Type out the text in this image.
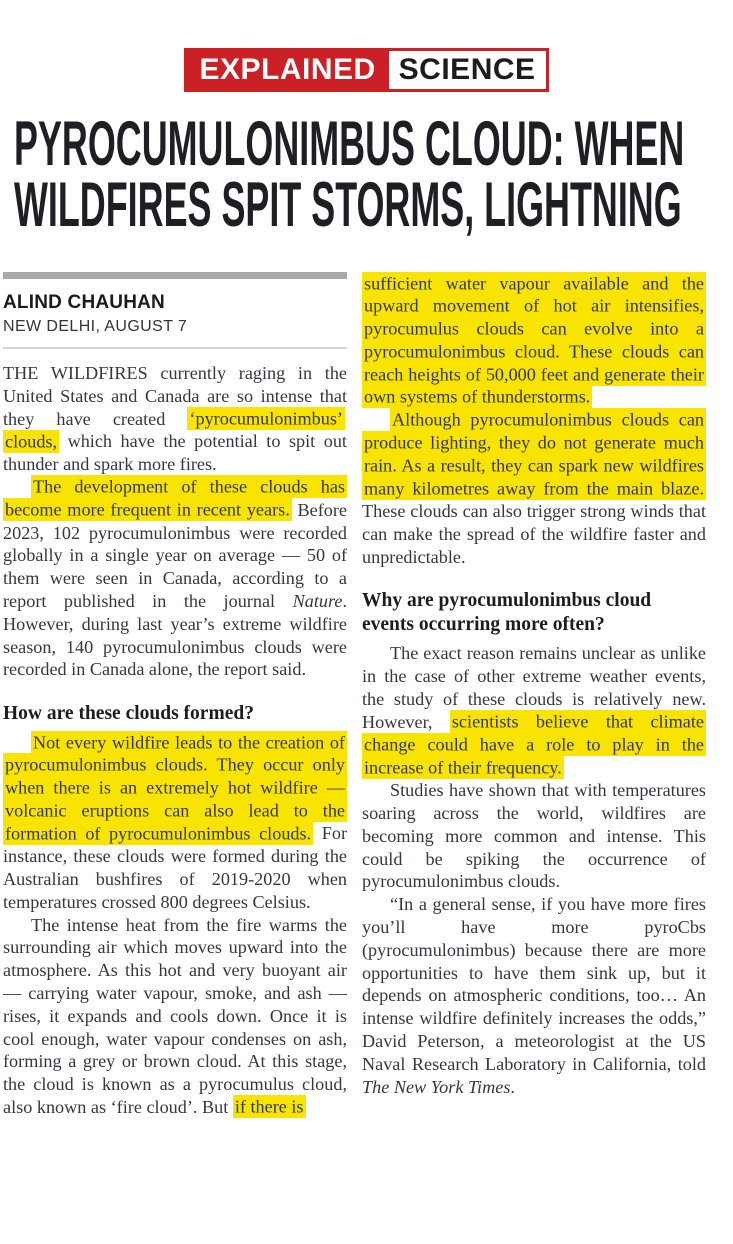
EXPLAINED SCIENCE
PYROCUMULONIMBUS CLOUD: WHEN
WILDFIRES SPIT STORMS, LIGHTNING
ALIND CHAUHAN
NEW DELHI, AUGUST 7

THE WILDFIRES currently raging in the United States and Canada are so intense that they have created ‘pyrocumulonimbus’ clouds, which have the potential to spit out thunder and spark more fires.

The development of these clouds has become more frequent in recent years. Before 2023, 102 pyrocumulonimbus were recorded globally in a single year on average — 50 of them were seen in Canada, according to a report published in the journal Nature. However, during last year’s extreme wildfire season, 140 pyrocumulonimbus clouds were recorded in Canada alone, the report said.

How are these clouds formed?

Not every wildfire leads to the creation of pyrocumulonimbus clouds. They occur only when there is an extremely hot wildfire — volcanic eruptions can also lead to the formation of pyrocumulonimbus clouds. For instance, these clouds were formed during the Australian bushfires of 2019-2020 when temperatures crossed 800 degrees Celsius.

The intense heat from the fire warms the surrounding air which moves upward into the atmosphere. As this hot and very buoyant air — carrying water vapour, smoke, and ash — rises, it expands and cools down. Once it is cool enough, water vapour condenses on ash, forming a grey or brown cloud. At this stage, the cloud is known as a pyrocumulus cloud, also known as ‘fire cloud’. But if there is

sufficient water vapour available and the upward movement of hot air intensifies, pyrocumulus clouds can evolve into a pyrocumulonimbus cloud. These clouds can reach heights of 50,000 feet and generate their own systems of thunderstorms.

Although pyrocumulonimbus clouds can produce lighting, they do not generate much rain. As a result, they can spark new wildfires many kilometres away from the main blaze. These clouds can also trigger strong winds that can make the spread of the wildfire faster and unpredictable.

Why are pyrocumulonimbus cloud events occurring more often?

The exact reason remains unclear as unlike in the case of other extreme weather events, the study of these clouds is relatively new. However, scientists believe that climate change could have a role to play in the increase of their frequency.

Studies have shown that with temperatures soaring across the world, wildfires are becoming more common and intense. This could be spiking the occurrence of pyrocumulonimbus clouds.

“In a general sense, if you have more fires you’ll have more pyroCbs (pyrocumulonimbus) because there are more opportunities to have them sink up, but it depends on atmospheric conditions, too… An intense wildfire definitely increases the odds,” David Peterson, a meteorologist at the US Naval Research Laboratory in California, told The New York Times.
